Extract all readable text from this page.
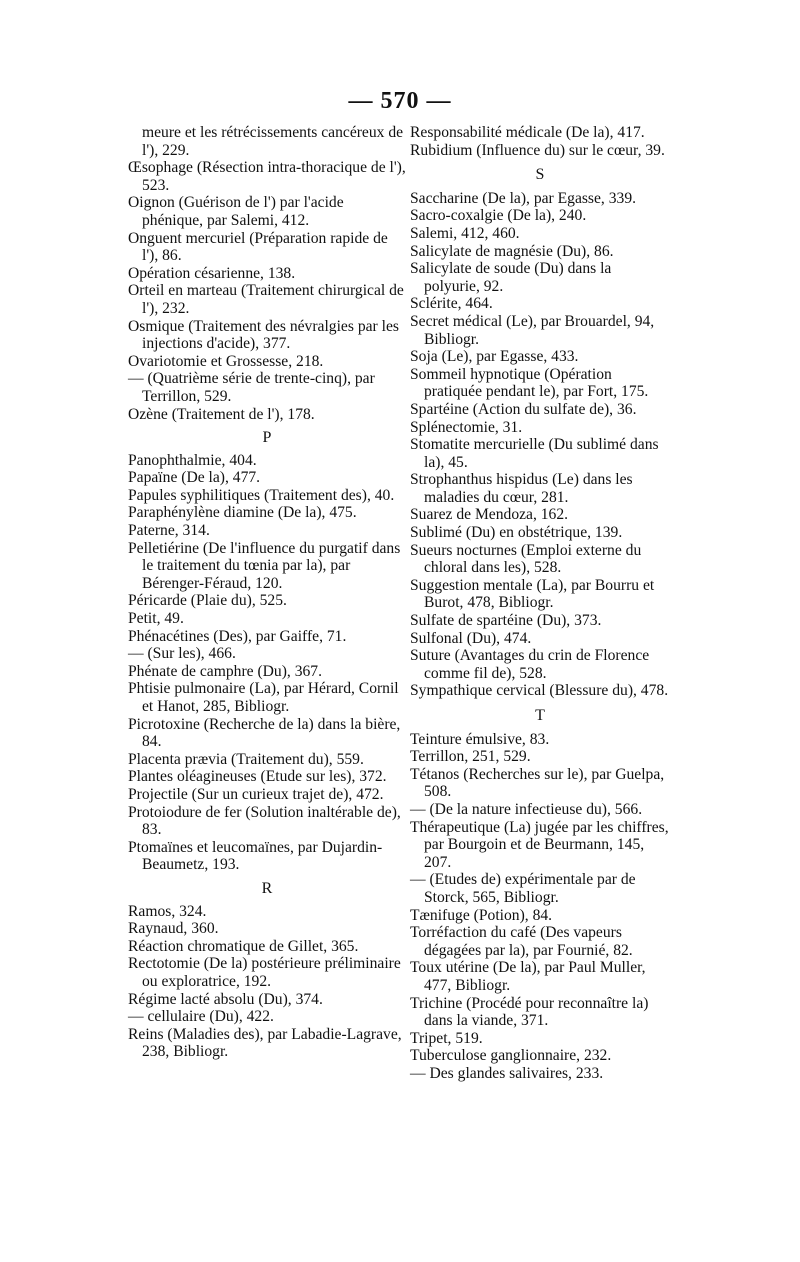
— 570 —
meure et les rétrécissements cancéreux de l'), 229.
Œsophage (Résection intra-thoracique de l'), 523.
Oignon (Guérison de l') par l'acide phénique, par Salemi, 412.
Onguent mercuriel (Préparation rapide de l'), 86.
Opération césarienne, 138.
Orteil en marteau (Traitement chirurgical de l'), 232.
Osmique (Traitement des névralgies par les injections d'acide), 377.
Ovariotomie et Grossesse, 218.
— (Quatrième série de trente-cinq), par Terrillon, 529.
Ozène (Traitement de l'), 178.
P
Panophthalmie, 404.
Papaïne (De la), 477.
Papules syphilitiques (Traitement des), 40.
Paraphénylène diamine (De la), 475.
Paterne, 314.
Pelletiérine (De l'influence du purgatif dans le traitement du tœnia par la), par Bérenger-Féraud, 120.
Péricarde (Plaie du), 525.
Petit, 49.
Phénacétines (Des), par Gaiffe, 71.
— (Sur les), 466.
Phénate de camphre (Du), 367.
Phtisie pulmonaire (La), par Hérard, Cornil et Hanot, 285, Bibliogr.
Picrotoxine (Recherche de la) dans la bière, 84.
Placenta prævia (Traitement du), 559.
Plantes oléagineuses (Etude sur les), 372.
Projectile (Sur un curieux trajet de), 472.
Protoiodure de fer (Solution inaltérable de), 83.
Ptomaïnes et leucomaïnes, par Dujardin-Beaumetz, 193.
R
Ramos, 324.
Raynaud, 360.
Réaction chromatique de Gillet, 365.
Rectotomie (De la) postérieure préliminaire ou exploratrice, 192.
Régime lacté absolu (Du), 374.
— cellulaire (Du), 422.
Reins (Maladies des), par Labadie-Lagrave, 238, Bibliogr.
Responsabilité médicale (De la), 417.
Rubidium (Influence du) sur le cœur, 39.
S
Saccharine (De la), par Egasse, 339.
Sacro-coxalgie (De la), 240.
Salemi, 412, 460.
Salicylate de magnésie (Du), 86.
Salicylate de soude (Du) dans la polyurie, 92.
Sclérite, 464.
Secret médical (Le), par Brouardel, 94, Bibliogr.
Soja (Le), par Egasse, 433.
Sommeil hypnotique (Opération pratiquée pendant le), par Fort, 175.
Spartéine (Action du sulfate de), 36.
Splénectomie, 31.
Stomatite mercurielle (Du sublimé dans la), 45.
Strophanthus hispidus (Le) dans les maladies du cœur, 281.
Suarez de Mendoza, 162.
Sublimé (Du) en obstétrique, 139.
Sueurs nocturnes (Emploi externe du chloral dans les), 528.
Suggestion mentale (La), par Bourru et Burot, 478, Bibliogr.
Sulfate de spartéine (Du), 373.
Sulfonal (Du), 474.
Suture (Avantages du crin de Florence comme fil de), 528.
Sympathique cervical (Blessure du), 478.
T
Teinture émulsive, 83.
Terrillon, 251, 529.
Tétanos (Recherches sur le), par Guelpa, 508.
— (De la nature infectieuse du), 566.
Thérapeutique (La) jugée par les chiffres, par Bourgoin et de Beurmann, 145, 207.
— (Etudes de) expérimentale par de Storck, 565, Bibliogr.
Tænifuge (Potion), 84.
Torréfaction du café (Des vapeurs dégagées par la), par Fournié, 82.
Toux utérine (De la), par Paul Muller, 477, Bibliogr.
Trichine (Procédé pour reconnaître la) dans la viande, 371.
Tripet, 519.
Tuberculose ganglionnaire, 232.
— Des glandes salivaires, 233.
